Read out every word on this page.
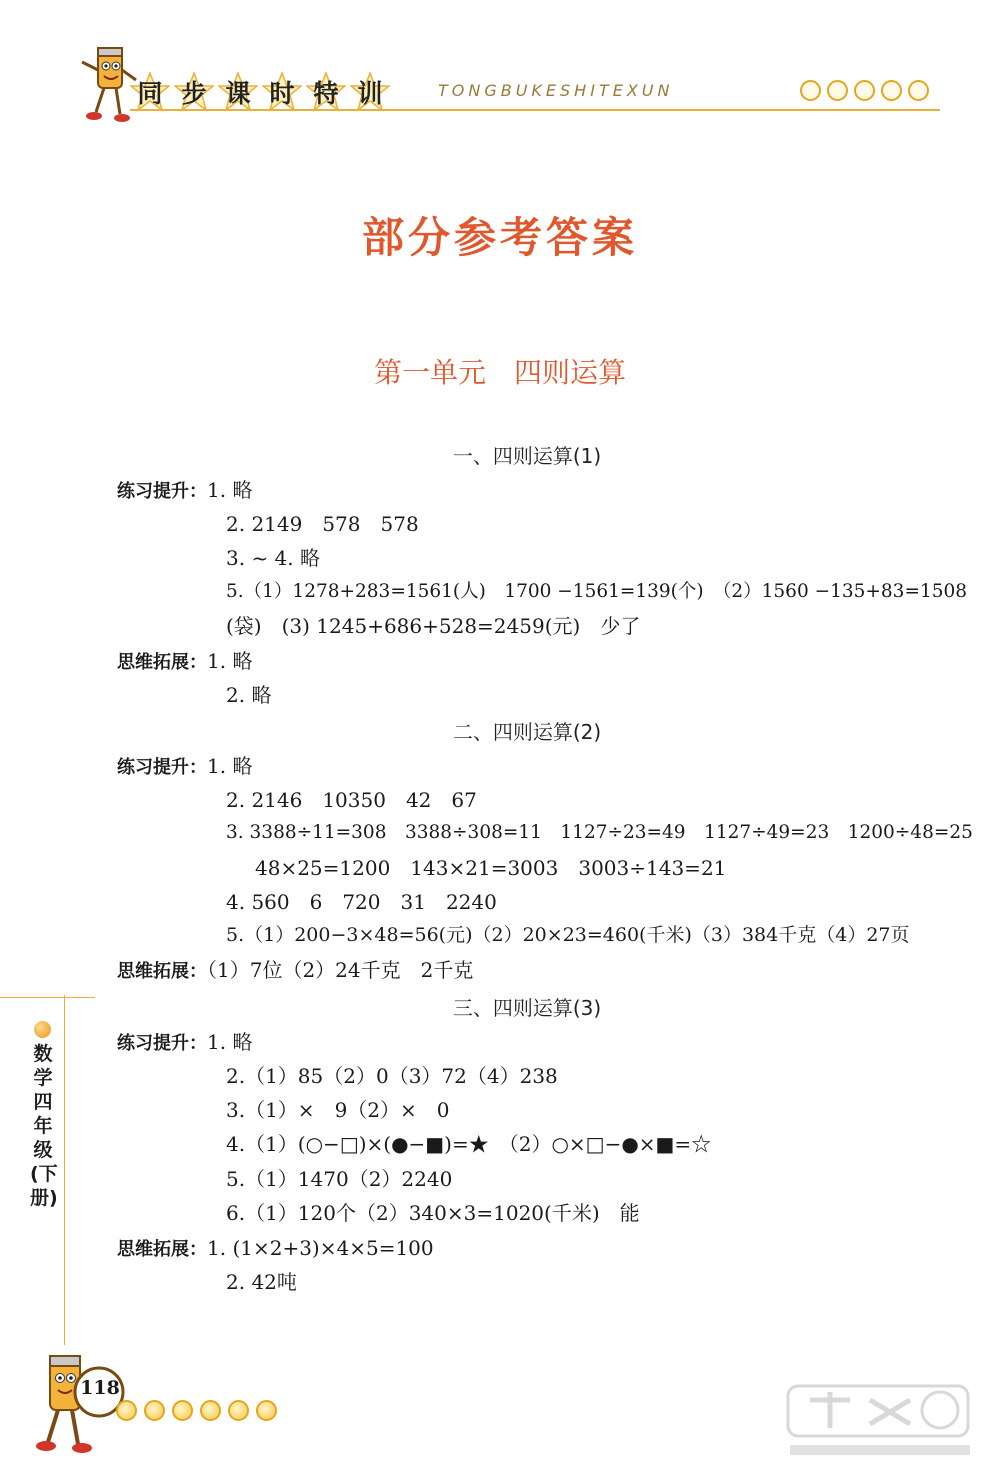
同 步 课 时 特 训	TONGBUKESHITEXUN
部分参考答案
第一单元　四则运算
一、四则运算(1)
练习提升：1. 略
2. 2149　578　578
3. ~ 4. 略
5.（1）1278+283=1561(人)　1700 −1561=139(个)　（2）1560 −135+83=1508
(袋)　(3) 1245+686+528=2459(元)　少了
思维拓展：1. 略
2. 略
二、四则运算(2)
练习提升：1. 略
2. 2146　10350　42　67
3. 3388÷11=308　3388÷308=11　1127÷23=49　1127÷49=23　1200÷48=25
48×25=1200　143×21=3003　3003÷143=21
4. 560　6　720　31　2240
5.（1）200−3×48=56(元)（2）20×23=460(千米)（3）384千克（4）27页
思维拓展：（1）7位（2）24千克　2千克
三、四则运算(3)
练习提升：1. 略
2.（1）85（2）0（3）72（4）238
3.（1）×　9（2）×　0
4.（1）(○−□)×(●−■)=★　（2）○×□−●×■=☆
5.（1）1470（2）2240
6.（1）120个（2）340×3=1020(千米)　能
思维拓展：1. (1×2+3)×4×5=100
2. 42吨
数学 四年级(下册)
118
